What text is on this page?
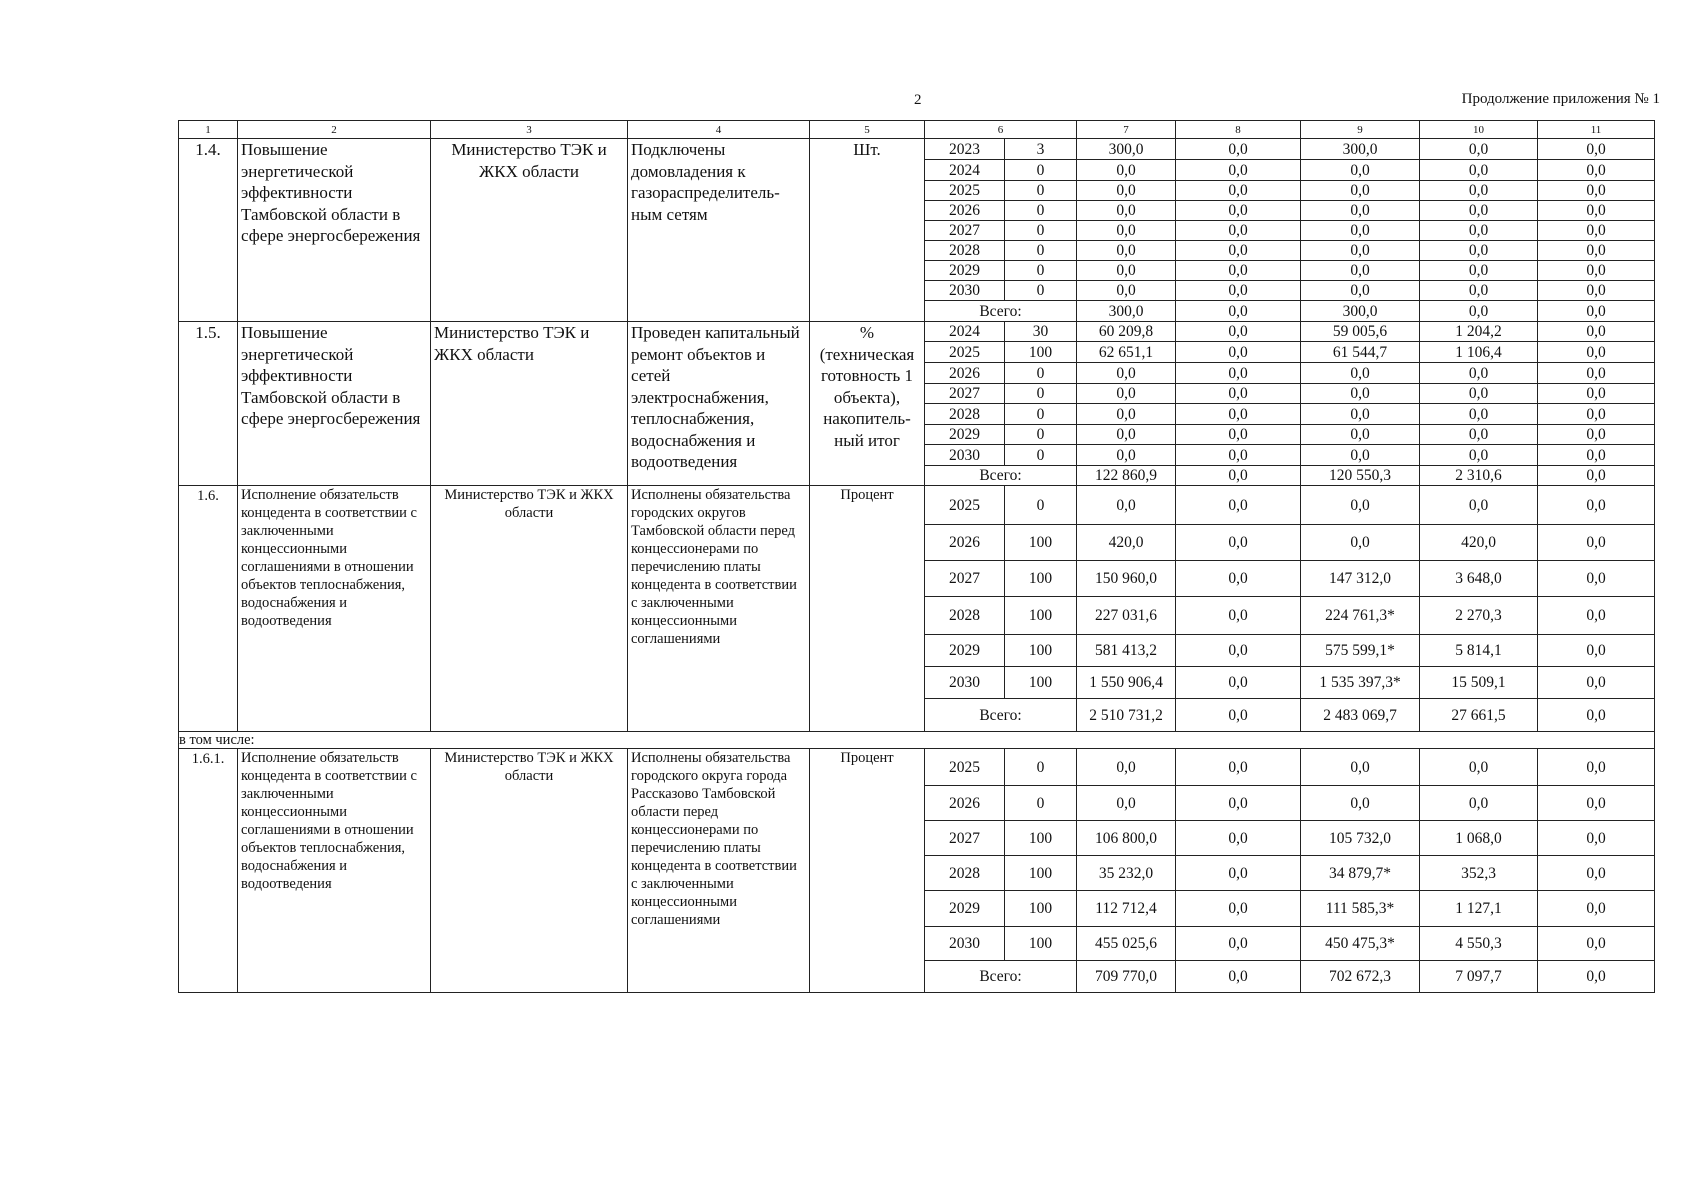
2	Продолжение приложения № 1
1	2	3	4	5	6		7	8	9	10	11
1.4.	Повышение энергетической эффективности Тамбовской области в сфере энергосбережения	Министерство ТЭК и ЖКХ области	Подключены домовладения к газораспределитель-ным сетям	Шт.	2023	3	300,0	0,0	300,0	0,0	0,0
					2024	0	0,0	0,0	0,0	0,0	0,0
					2025	0	0,0	0,0	0,0	0,0	0,0
					2026	0	0,0	0,0	0,0	0,0	0,0
					2027	0	0,0	0,0	0,0	0,0	0,0
					2028	0	0,0	0,0	0,0	0,0	0,0
					2029	0	0,0	0,0	0,0	0,0	0,0
					2030	0	0,0	0,0	0,0	0,0	0,0
					Всего:		300,0	0,0	300,0	0,0	0,0
1.5.	Повышение энергетической эффективности Тамбовской области в сфере энергосбережения	Министерство ТЭК и ЖКХ области	Проведен капитальный ремонт объектов и сетей электроснабжения, теплоснабжения, водоснабжения и водоотведения	% (техническая готовность 1 объекта), накопитель-ный итог	2024	30	60 209,8	0,0	59 005,6	1 204,2	0,0
					2025	100	62 651,1	0,0	61 544,7	1 106,4	0,0
					2026	0	0,0	0,0	0,0	0,0	0,0
					2027	0	0,0	0,0	0,0	0,0	0,0
					2028	0	0,0	0,0	0,0	0,0	0,0
					2029	0	0,0	0,0	0,0	0,0	0,0
					2030	0	0,0	0,0	0,0	0,0	0,0
					Всего:		122 860,9	0,0	120 550,3	2 310,6	0,0
1.6.	Исполнение обязательств концедента в соответствии с заключенными концессионными соглашениями в отношении объектов теплоснабжения, водоснабжения и водоотведения	Министерство ТЭК и ЖКХ области	Исполнены обязательства городских округов Тамбовской области перед концессионерами по перечислению платы концедента в соответствии с заключенными концессионными соглашениями	Процент	2025	0	0,0	0,0	0,0	0,0	0,0
					2026	100	420,0	0,0	0,0	420,0	0,0
					2027	100	150 960,0	0,0	147 312,0	3 648,0	0,0
					2028	100	227 031,6	0,0	224 761,3*	2 270,3	0,0
					2029	100	581 413,2	0,0	575 599,1*	5 814,1	0,0
					2030	100	1 550 906,4	0,0	1 535 397,3*	15 509,1	0,0
					Всего:		2 510 731,2	0,0	2 483 069,7	27 661,5	0,0
в том числе:											
1.6.1.	Исполнение обязательств концедента в соответствии с заключенными концессионными соглашениями в отношении объектов теплоснабжения, водоснабжения и водоотведения	Министерство ТЭК и ЖКХ области	Исполнены обязательства городского округа города Рассказово Тамбовской области перед концессионерами по перечислению платы концедента в соответствии с заключенными концессионными соглашениями	Процент	2025	0	0,0	0,0	0,0	0,0	0,0
					2026	0	0,0	0,0	0,0	0,0	0,0
					2027	100	106 800,0	0,0	105 732,0	1 068,0	0,0
					2028	100	35 232,0	0,0	34 879,7*	352,3	0,0
					2029	100	112 712,4	0,0	111 585,3*	1 127,1	0,0
					2030	100	455 025,6	0,0	450 475,3*	4 550,3	0,0
					Всего:		709 770,0	0,0	702 672,3	7 097,7	0,0
